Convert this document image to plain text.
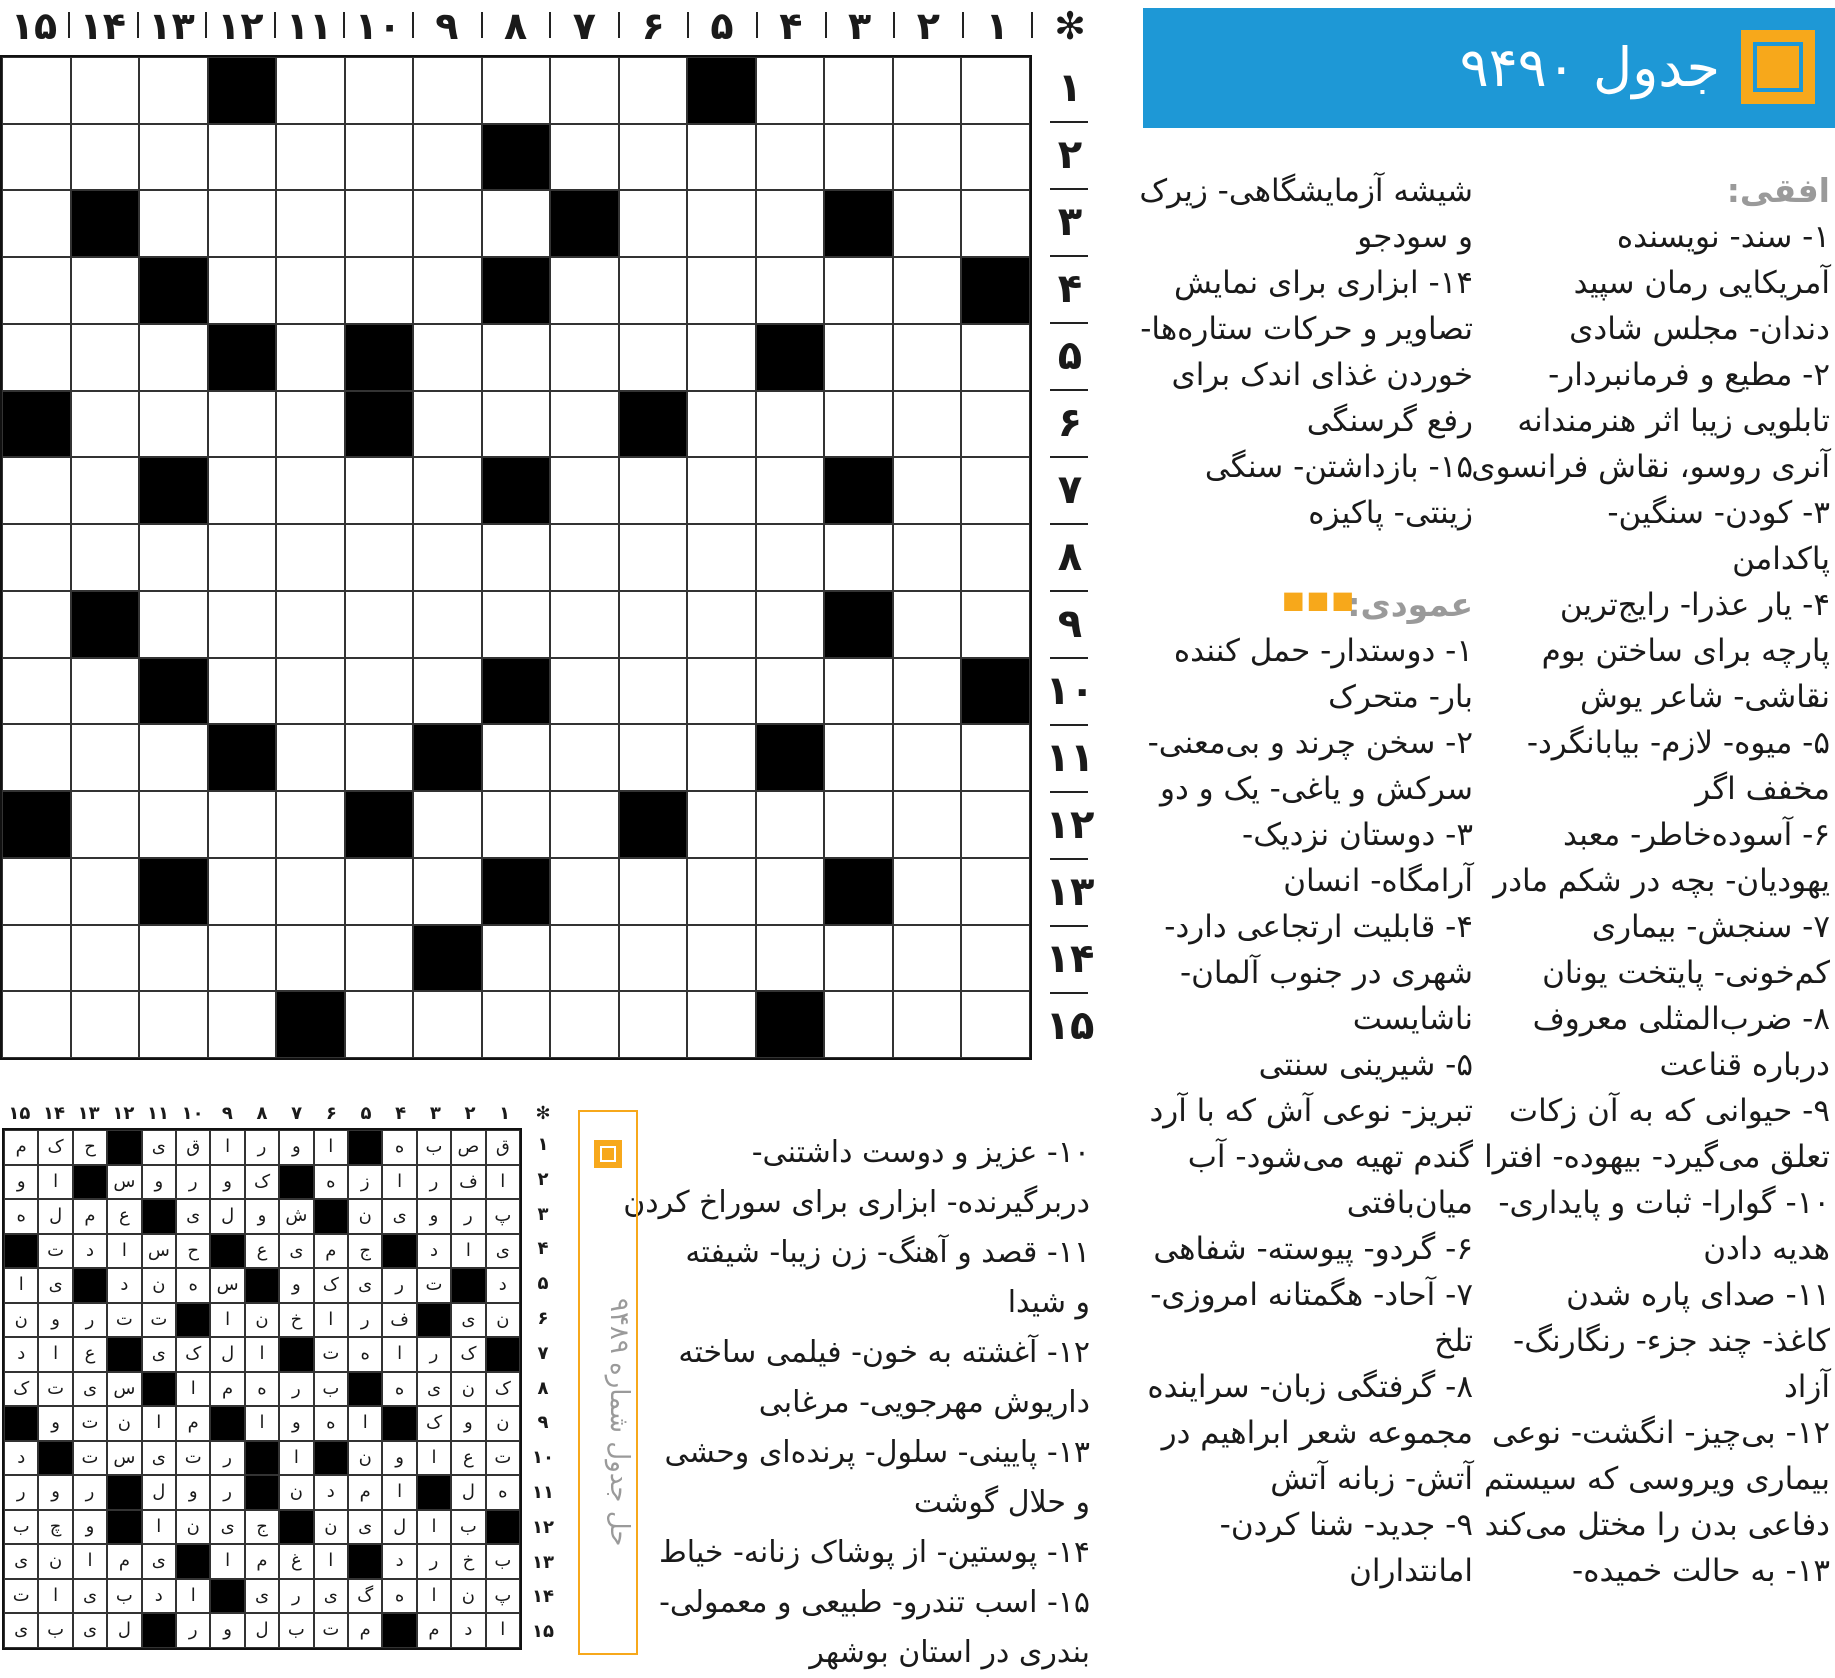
✻
۱
۲
۳
۴
۵
۶
۷
۸
۹
۱۰
۱۱
۱۲
۱۳
۱۴
۱۵
۱
۲
۳
۴
۵
۶
۷
۸
۹
۱۰
۱۱
۱۲
۱۳
۱۴
۱۵
جدول ۹۴۹۰
افقی:
۱- سند- نویسنده
آمریکایی رمان سپید
دندان- مجلس شادی
۲- مطیع و فرمانبردار-
تابلویی زیبا اثر هنرمندانه
آنری روسو، نقاش فرانسوی
۳- کودن- سنگین-
پاکدامن
۴- یار عذرا- رایج‌ترین
پارچه برای ساختن بوم
نقاشی- شاعر یوش
۵- میوه- لازم- بیابانگرد-
مخفف اگر
۶- آسوده‌خاطر- معبد
یهودیان- بچه در شکم مادر
۷- سنجش- بیماری
کم‌خونی- پایتخت یونان
۸- ضرب‌المثلی معروف
درباره قناعت
۹- حیوانی که به آن زکات
تعلق می‌گیرد- بیهوده- افترا
۱۰- گوارا- ثبات و پایداری-
هدیه دادن
۱۱- صدای پاره شدن
کاغذ- چند جزء- رنگارنگ-
آزاد
۱۲- بی‌چیز- انگشت- نوعی
بیماری ویروسی که سیستم
دفاعی بدن را مختل می‌کند
۱۳- به حالت خمیده-
شیشه آزمایشگاهی- زیرک
و سودجو
۱۴- ابزاری برای نمایش
تصاویر و حرکات ستاره‌ها-
خوردن غذای اندک برای
رفع گرسنگی
۱۵- بازداشتن- سنگی
زینتی- پاکیزه
عمودی:
۱- دوستدار- حمل کننده
بار- متحرک
۲- سخن چرند و بی‌معنی-
سرکش و یاغی- یک و دو
۳- دوستان نزدیک-
آرامگاه- انسان
۴- قابلیت ارتجاعی دارد-
شهری در جنوب آلمان-
ناشایست
۵- شیرینی سنتی
تبریز- نوعی آش که با آرد
گندم تهیه می‌شود- آب
میان‌بافتی
۶- گردو- پیوسته- شفاهی
۷- آحاد- هگمتانه امروزی-
تلخ
۸- گرفتگی زبان- سراینده
مجموعه شعر ابراهیم در
آتش- زبانه آتش
۹- جدید- شنا کردن-
امانتداران
■■■
۱۰- عزیز و دوست داشتنی-
دربرگیرنده- ابزاری برای سوراخ کردن
۱۱- قصد و آهنگ- زن زیبا- شیفته
و شیدا
۱۲- آغشته به خون- فیلمی ساخته
داریوش مهرجویی- مرغابی
۱۳- پایینی- سلول- پرنده‌ای وحشی
و حلال گوشت
۱۴- پوستین- از پوشاک زنانه- خیاط
۱۵- اسب تندرو- طبیعی و معمولی-
بندری در استان بوشهر
حل جدول شماره ۹۴۸۹
✻
۱
۲
۳
۴
۵
۶
۷
۸
۹
۱۰
۱۱
۱۲
۱۳
۱۴
۱۵
۱
۲
۳
۴
۵
۶
۷
۸
۹
۱۰
۱۱
۱۲
۱۳
۱۴
۱۵
ق
ص
ب
ه
ا
و
ر
ا
ق
ی
ح
ک
م
ا
ف
ر
ا
ز
ه
ک
و
ر
و
س
ا
و
پ
ر
و
ی
ن
ش
و
ل
ی
ع
م
ل
ه
ی
ا
د
ج
م
ی
ع
ح
س
ا
د
ت
د
ت
ر
ی
ک
و
س
ه
ن
د
ی
ا
ن
ی
ف
ر
ا
خ
ن
ا
ت
ت
ر
و
ن
ک
ر
ا
ه
ت
ا
ل
ک
ی
ع
ا
د
ک
ن
ی
ه
ب
ر
ه
م
ا
س
ی
ت
ک
ن
و
ک
ا
ه
و
ا
م
ا
ن
ت
و
ت
ع
ا
و
ن
ا
ر
ت
ی
س
ت
د
ه
ل
ا
م
د
ن
ر
و
ل
ر
و
ر
ب
ا
ل
ی
ن
ج
ی
ن
ا
و
چ
ب
ب
خ
ر
د
ا
غ
م
ا
ی
م
ا
ن
ی
پ
ن
ا
ه
گ
ی
ر
ی
ا
د
ب
ی
ا
ت
ا
د
م
م
ت
ب
ل
و
ر
ل
ی
ب
ی
